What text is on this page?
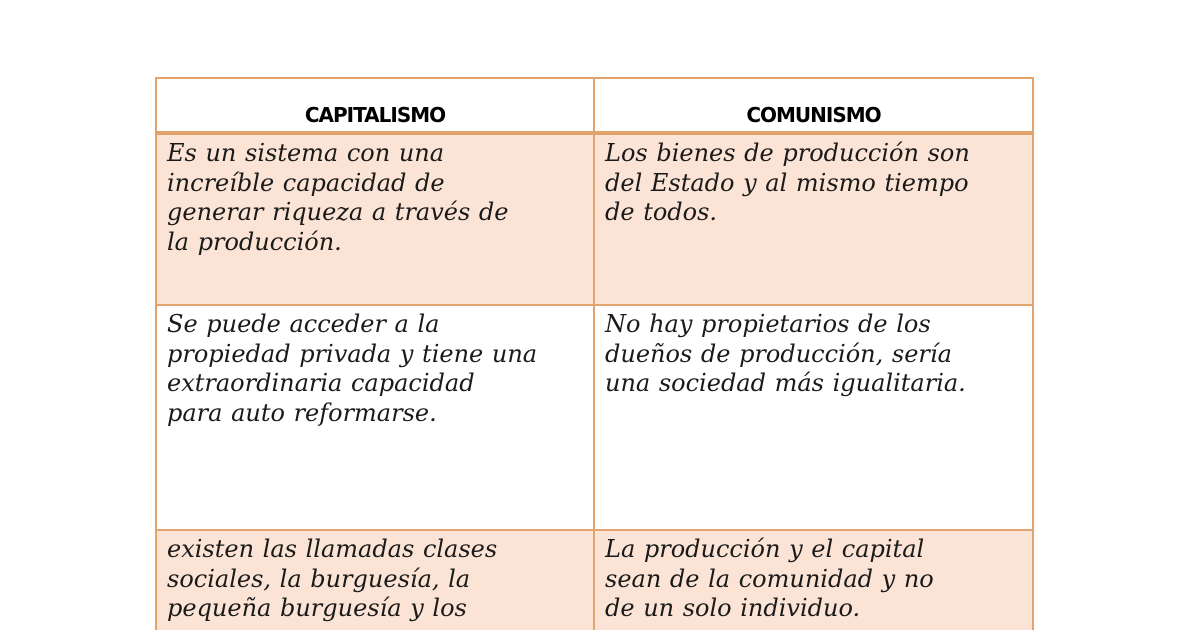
CAPITALISMO	COMUNISMO

Es un sistema con una
increíble capacidad de
generar riqueza a través de
la producción.	Los bienes de producción son
del Estado y al mismo tiempo
de todos.

Se puede acceder a la
propiedad privada y tiene una
extraordinaria capacidad
para auto reformarse.	No hay propietarios de los
dueños de producción, sería
una sociedad más igualitaria.

existen las llamadas clases
sociales, la burguesía, la
pequeña burguesía y los	La producción y el capital
sean de la comunidad y no
de un solo individuo.
